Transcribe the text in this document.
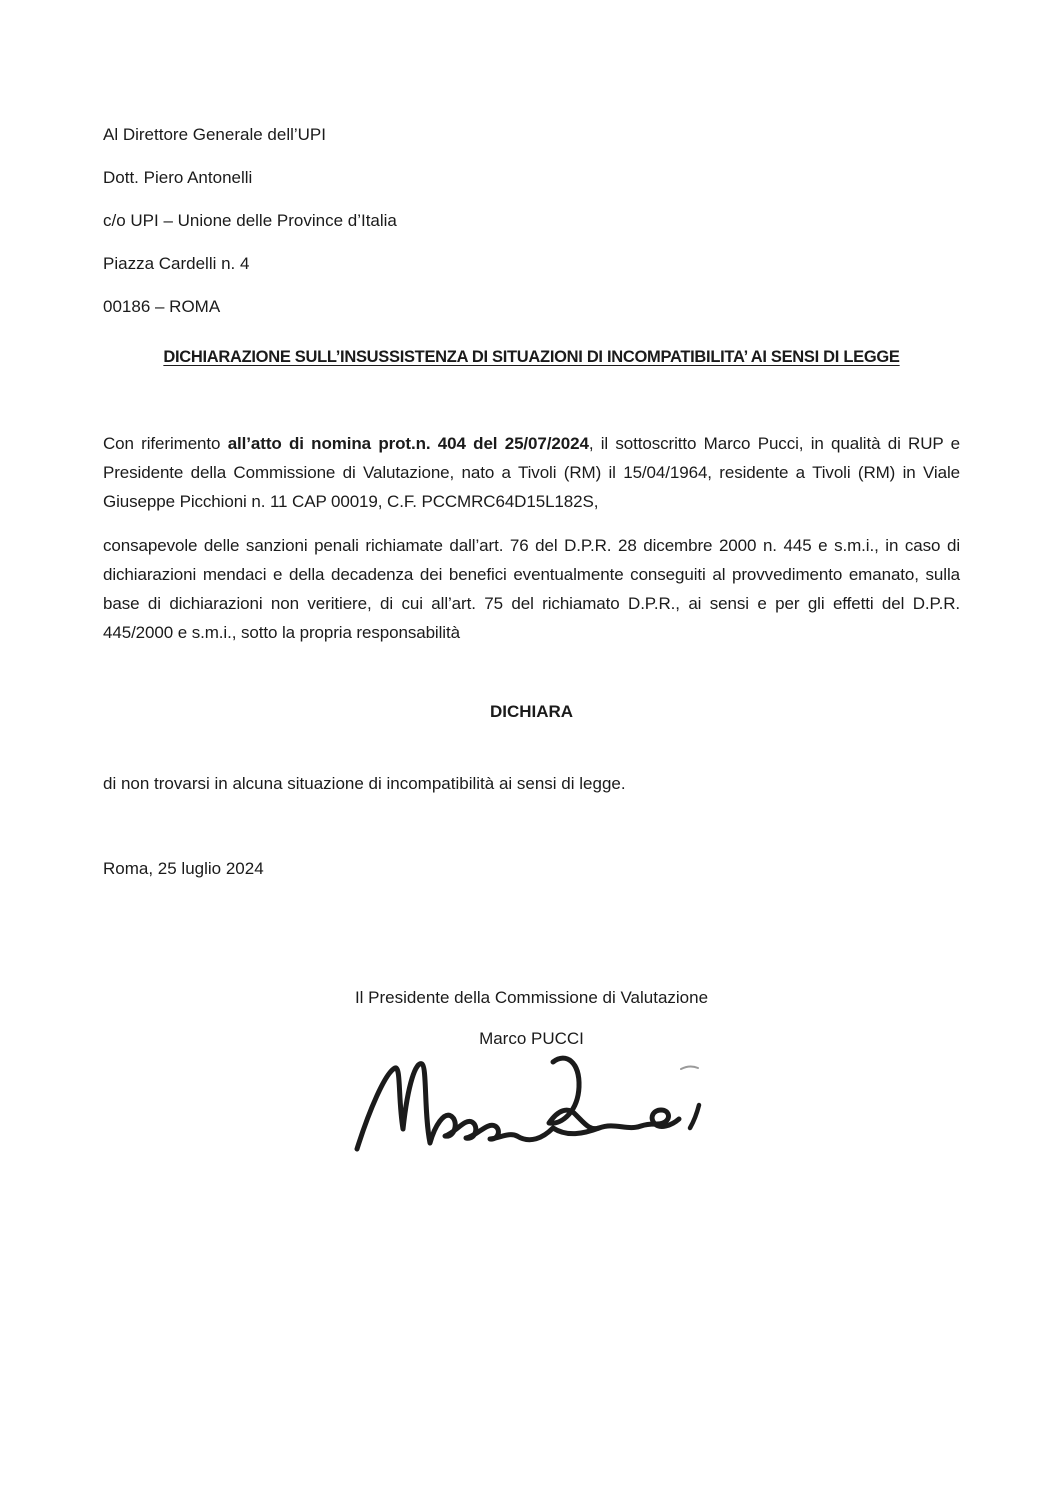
Al Direttore Generale dell’UPI

Dott. Piero Antonelli

c/o UPI – Unione delle Province d’Italia

Piazza Cardelli n. 4

00186 – ROMA

DICHIARAZIONE SULL’INSUSSISTENZA DI SITUAZIONI DI INCOMPATIBILITA’ AI SENSI DI LEGGE

Con riferimento all’atto di nomina prot.n. 404 del 25/07/2024, il sottoscritto Marco Pucci, in qualità di RUP e Presidente della Commissione di Valutazione, nato a Tivoli (RM) il 15/04/1964, residente a Tivoli (RM) in Viale Giuseppe Picchioni n. 11 CAP 00019, C.F. PCCMRC64D15L182S,

consapevole delle sanzioni penali richiamate dall’art. 76 del D.P.R. 28 dicembre 2000 n. 445 e s.m.i., in caso di dichiarazioni mendaci e della decadenza dei benefici eventualmente conseguiti al provvedimento emanato, sulla base di dichiarazioni non veritiere, di cui all’art. 75 del richiamato D.P.R., ai sensi e per gli effetti del D.P.R. 445/2000 e s.m.i., sotto la propria responsabilità

DICHIARA

di non trovarsi in alcuna situazione di incompatibilità ai sensi di legge.

Roma, 25 luglio 2024

Il Presidente della Commissione di Valutazione

Marco PUCCI
